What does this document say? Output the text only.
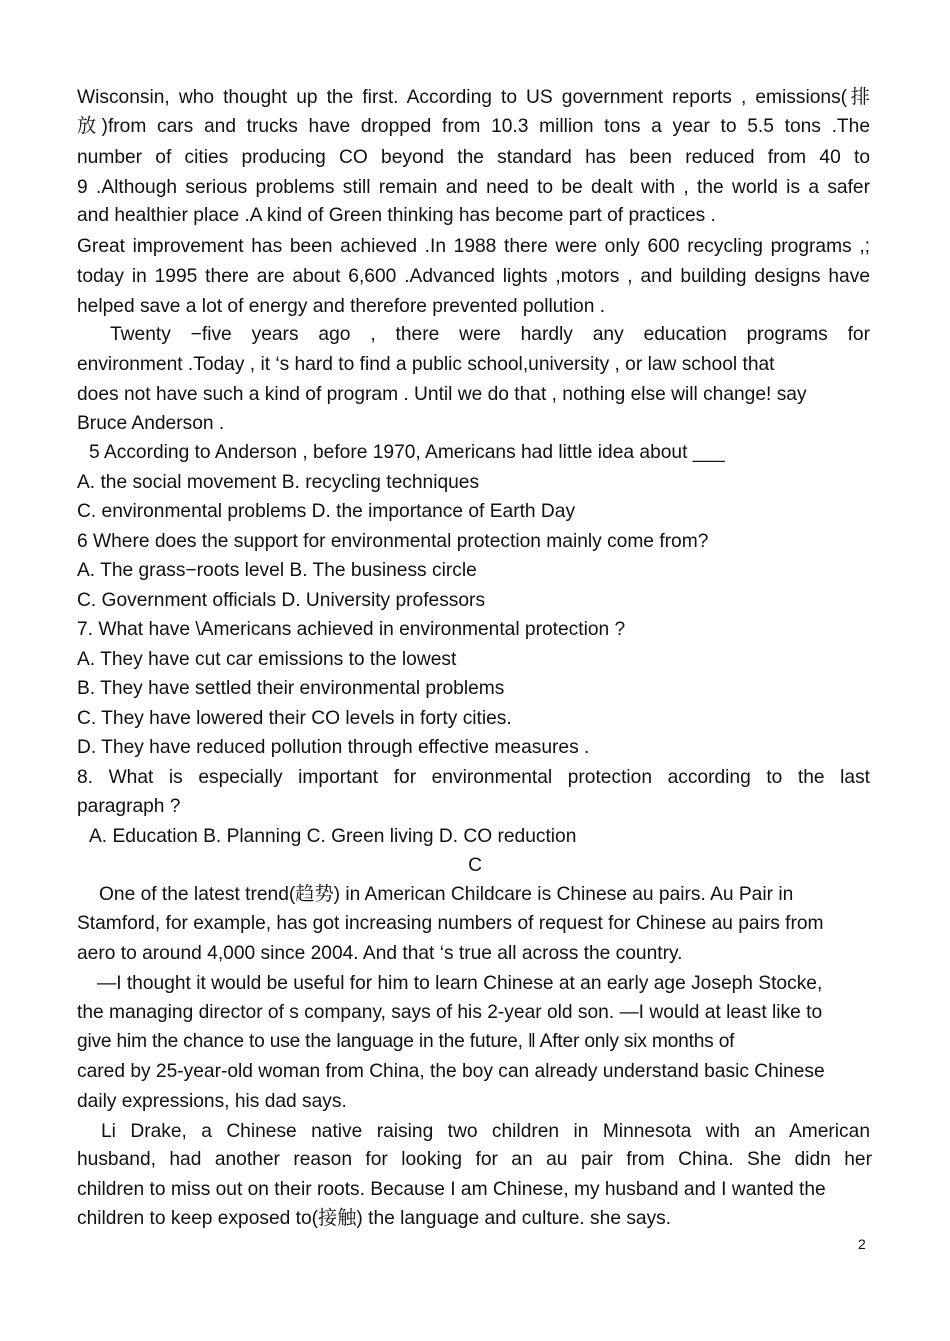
Wisconsin, who thought up the first. According to US government reports , emissions(排
放)from cars and trucks have dropped from 10.3 million tons a year to 5.5 tons .The
number of cities producing CO beyond the standard has been reduced from 40 to
9 .Although serious problems still remain and need to be dealt with , the world is a safer
and healthier place .A kind of Green thinking has become part of practices .
Great improvement has been achieved .In 1988 there were only 600 recycling programs ,;
today in 1995 there are about 6,600 .Advanced lights ,motors , and building designs have
helped save a lot of energy and therefore prevented pollution .
Twenty −five years ago , there were hardly any education programs for
environment .Today , it ‘s hard to find a public school,university , or law school that
does not have such a kind of program . Until we do that , nothing else will change! say
Bruce Anderson .
5 According to Anderson , before 1970, Americans had little idea about ___
A. the social movement B. recycling techniques
C. environmental problems D. the importance of Earth Day
6 Where does the support for environmental protection mainly come from?
A. The grass−roots level B. The business circle
C. Government officials D. University professors
7. What have \Americans achieved in environmental protection ?
A. They have cut car emissions to the lowest
B. They have settled their environmental problems
C. They have lowered their CO levels in forty cities.
D. They have reduced pollution through effective measures .
8. What is especially important for environmental protection according to the last
paragraph ?
A. Education B. Planning C. Green living D. CO reduction
C
One of the latest trend(趋势) in American Childcare is Chinese au pairs. Au Pair in
Stamford, for example, has got increasing numbers of request for Chinese au pairs from
aero to around 4,000 since 2004. And that ‘s true all across the country.
—I thought it would be useful for him to learn Chinese at an early age Joseph Stocke,
the managing director of s company, says of his 2-year old son. —I would at least like to
give him the chance to use the language in the future, ‖ After only six months of
cared by 25-year-old woman from China, the boy can already understand basic Chinese
daily expressions, his dad says.
Li Drake, a Chinese native raising two children in Minnesota with an American
husband, had another reason for looking for an au pair from China. She didn her
children to miss out on their roots. Because I am Chinese, my husband and I wanted the
children to keep exposed to(接触) the language and culture. she says.
2
